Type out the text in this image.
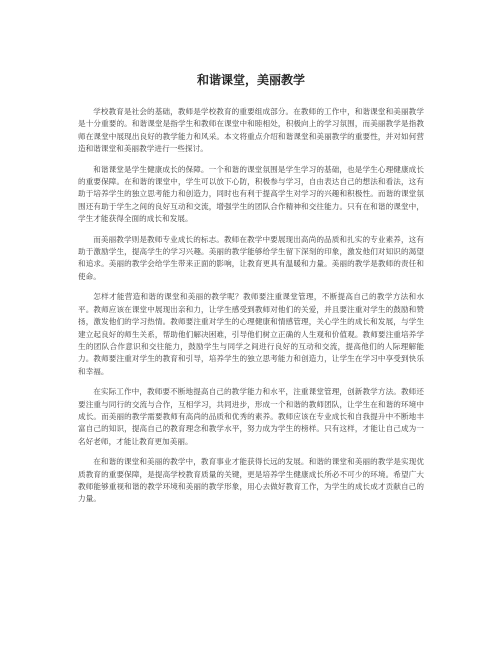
和谐课堂，美丽教学

学校教育是社会的基础，教师是学校教育的重要组成部分。在教师的工作中，和谐课堂和美丽教学是十分重要的。和谐课堂是指学生和教师在课堂中和睦相处，积极向上的学习氛围，而美丽教学是指教师在课堂中展现出良好的教学能力和风采。本文将重点介绍和谐课堂和美丽教学的重要性，并对如何营造和谐课堂和美丽教学进行一些探讨。

和谐课堂是学生健康成长的保障。一个和谐的课堂氛围是学生学习的基础，也是学生心理健康成长的重要保障。在和谐的课堂中，学生可以放下心防，积极参与学习，自由表达自己的想法和看法，这有助于培养学生的独立思考能力和创造力，同时也有利于提高学生对学习的兴趣和积极性。而谐的课堂氛围还有助于学生之间的良好互动和交流，增强学生的团队合作精神和交往能力。只有在和谐的课堂中，学生才能获得全面的成长和发展。

而美丽教学则是教师专业成长的标志。教师在教学中要展现出高尚的品质和扎实的专业素养，这有助于激励学生，提高学生的学习兴趣。美丽的教学能够给学生留下深刻的印象，激发他们对知识的渴望和追求。美丽的教学会给学生带来正面的影响，让教育更具有温暖和力量。美丽的教学是教师的责任和使命。

怎样才能营造和谐的课堂和美丽的教学呢？教师要注重课堂管理，不断提高自己的教学方法和水平。教师应该在课堂中展现出亲和力，让学生感受到教师对他们的关爱，并且要注重对学生的鼓励和赞扬，激发他们的学习热情。教师要注重对学生的心理健康和情感管理，关心学生的成长和发展，与学生建立起良好的师生关系，帮助他们解决困难，引导他们树立正确的人生观和价值观。教师要注重培养学生的团队合作意识和交往能力，鼓励学生与同学之间进行良好的互动和交流，提高他们的人际理解能力。教师要注重对学生的教育和引导，培养学生的独立思考能力和创造力，让学生在学习中享受到快乐和幸福。

在实际工作中，教师要不断地提高自己的教学能力和水平，注重课堂管理，创新教学方法。教师还要注重与同行的交流与合作，互相学习，共同进步，形成一个和谐的教师团队，让学生在和谐的环境中成长。而美丽的教学需要教师有高尚的品质和优秀的素养。教师应该在专业成长和自我提升中不断地丰富自己的知识，提高自己的教育理念和教学水平，努力成为学生的榜样。只有这样，才能让自己成为一名好老师，才能让教育更加美丽。

在和谐的课堂和美丽的教学中，教育事业才能获得长远的发展。和谐的课堂和美丽的教学是实现优质教育的重要保障，是提高学校教育质量的关键，更是培养学生健康成长所必不可少的环境。希望广大教师能够重视和谐的教学环境和美丽的教学形象，用心去做好教育工作，为学生的成长成才贡献自己的力量。
